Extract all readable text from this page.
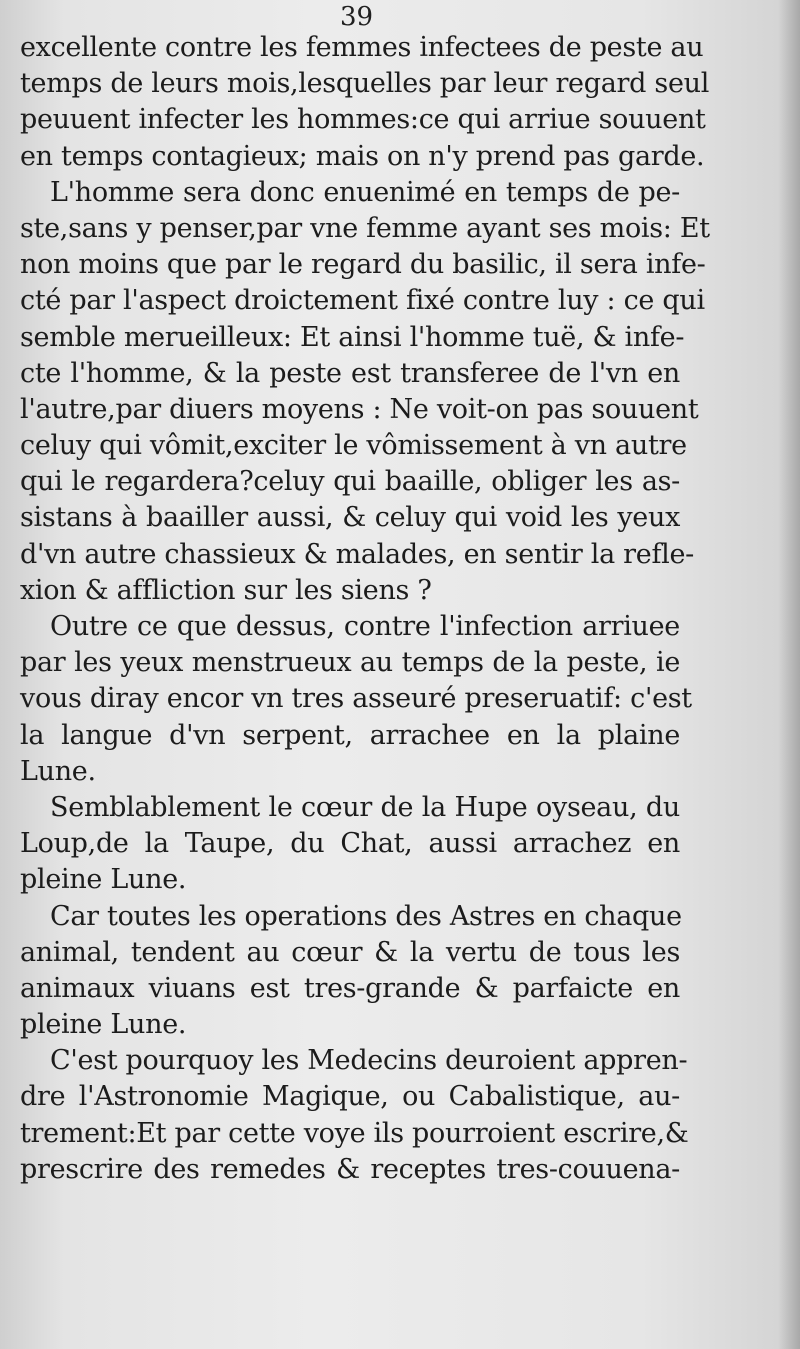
39
excellente contre les femmes infectees de peste au
temps de leurs mois,lesquelles par leur regard seul
peuuent infecter les hommes:ce qui arriue souuent
en temps contagieux; mais on n'y prend pas garde.
L'homme sera donc enuenimé en temps de pe-
ste,sans y penser,par vne femme ayant ses mois: Et
non moins que par le regard du basilic, il sera infe-
cté par l'aspect droictement fixé contre luy : ce qui
semble merueilleux: Et ainsi l'homme tuë, & infe-
cte l'homme, & la peste est transferee de l'vn en
l'autre,par diuers moyens : Ne voit-on pas souuent
celuy qui vômit,exciter le vômissement à vn autre
qui le regardera?celuy qui baaille, obliger les as-
sistans à baailler aussi, & celuy qui void les yeux
d'vn autre chassieux & malades, en sentir la refle-
xion & affliction sur les siens ?
Outre ce que dessus, contre l'infection arriuee
par les yeux menstrueux au temps de la peste, ie
vous diray encor vn tres asseuré preseruatif: c'est
la langue d'vn serpent, arrachee en la plaine
Lune.
Semblablement le cœur de la Hupe oyseau, du
Loup,de la Taupe, du Chat, aussi arrachez en
pleine Lune.
Car toutes les operations des Astres en chaque
animal, tendent au cœur & la vertu de tous les
animaux viuans est tres-grande & parfaicte en
pleine Lune.
C'est pourquoy les Medecins deuroient appren-
dre l'Astronomie Magique, ou Cabalistique, au-
trement:Et par cette voye ils pourroient escrire,&
prescrire des remedes & receptes tres-couuena-
